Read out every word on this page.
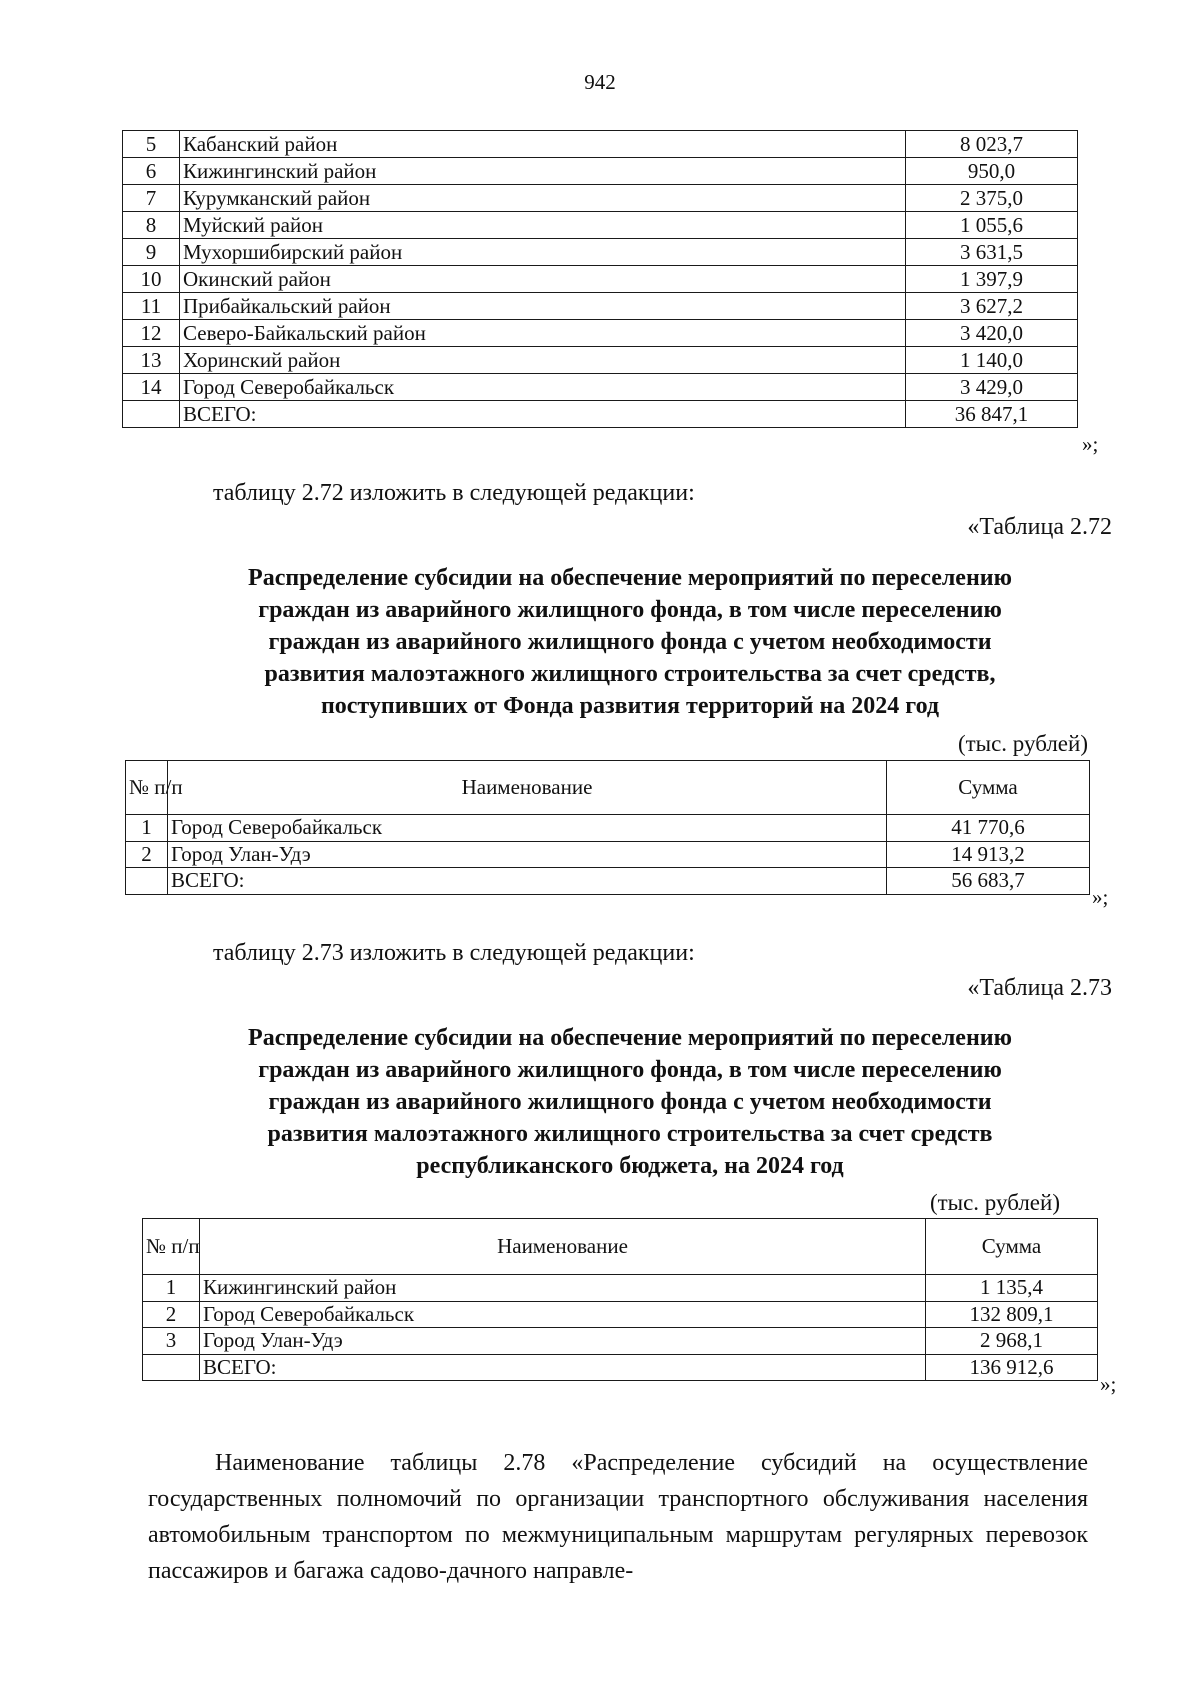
942
5	Кабанский район	8 023,7
6	Кижингинский район	950,0
7	Курумканский район	2 375,0
8	Муйский район	1 055,6
9	Мухоршибирский район	3 631,5
10	Окинский район	1 397,9
11	Прибайкальский район	3 627,2
12	Северо-Байкальский район	3 420,0
13	Хоринский район	1 140,0
14	Город Северобайкальск	3 429,0
	ВСЕГО:	36 847,1
»;
таблицу 2.72 изложить в следующей редакции:
«Таблица 2.72
Распределение субсидии на обеспечение мероприятий по переселению
граждан из аварийного жилищного фонда, в том числе переселению
граждан из аварийного жилищного фонда с учетом необходимости
развития малоэтажного жилищного строительства за счет средств,
поступивших от Фонда развития территорий на 2024 год
(тыс. рублей)
№ п/п	Наименование	Сумма
1	Город Северобайкальск	41 770,6
2	Город Улан-Удэ	14 913,2
	ВСЕГО:	56 683,7
»;
таблицу 2.73 изложить в следующей редакции:
«Таблица 2.73
Распределение субсидии на обеспечение мероприятий по переселению
граждан из аварийного жилищного фонда, в том числе переселению
граждан из аварийного жилищного фонда с учетом необходимости
развития малоэтажного жилищного строительства за счет средств
республиканского бюджета, на 2024 год
(тыс. рублей)
№ п/п	Наименование	Сумма
1	Кижингинский район	1 135,4
2	Город Северобайкальск	132 809,1
3	Город Улан-Удэ	2 968,1
	ВСЕГО:	136 912,6
»;
Наименование таблицы 2.78 «Распределение субсидий на осуществление государственных полномочий по организации транспортного обслуживания населения автомобильным транспортом по межмуниципальным маршрутам регулярных перевозок пассажиров и багажа садово-дачного направле-
